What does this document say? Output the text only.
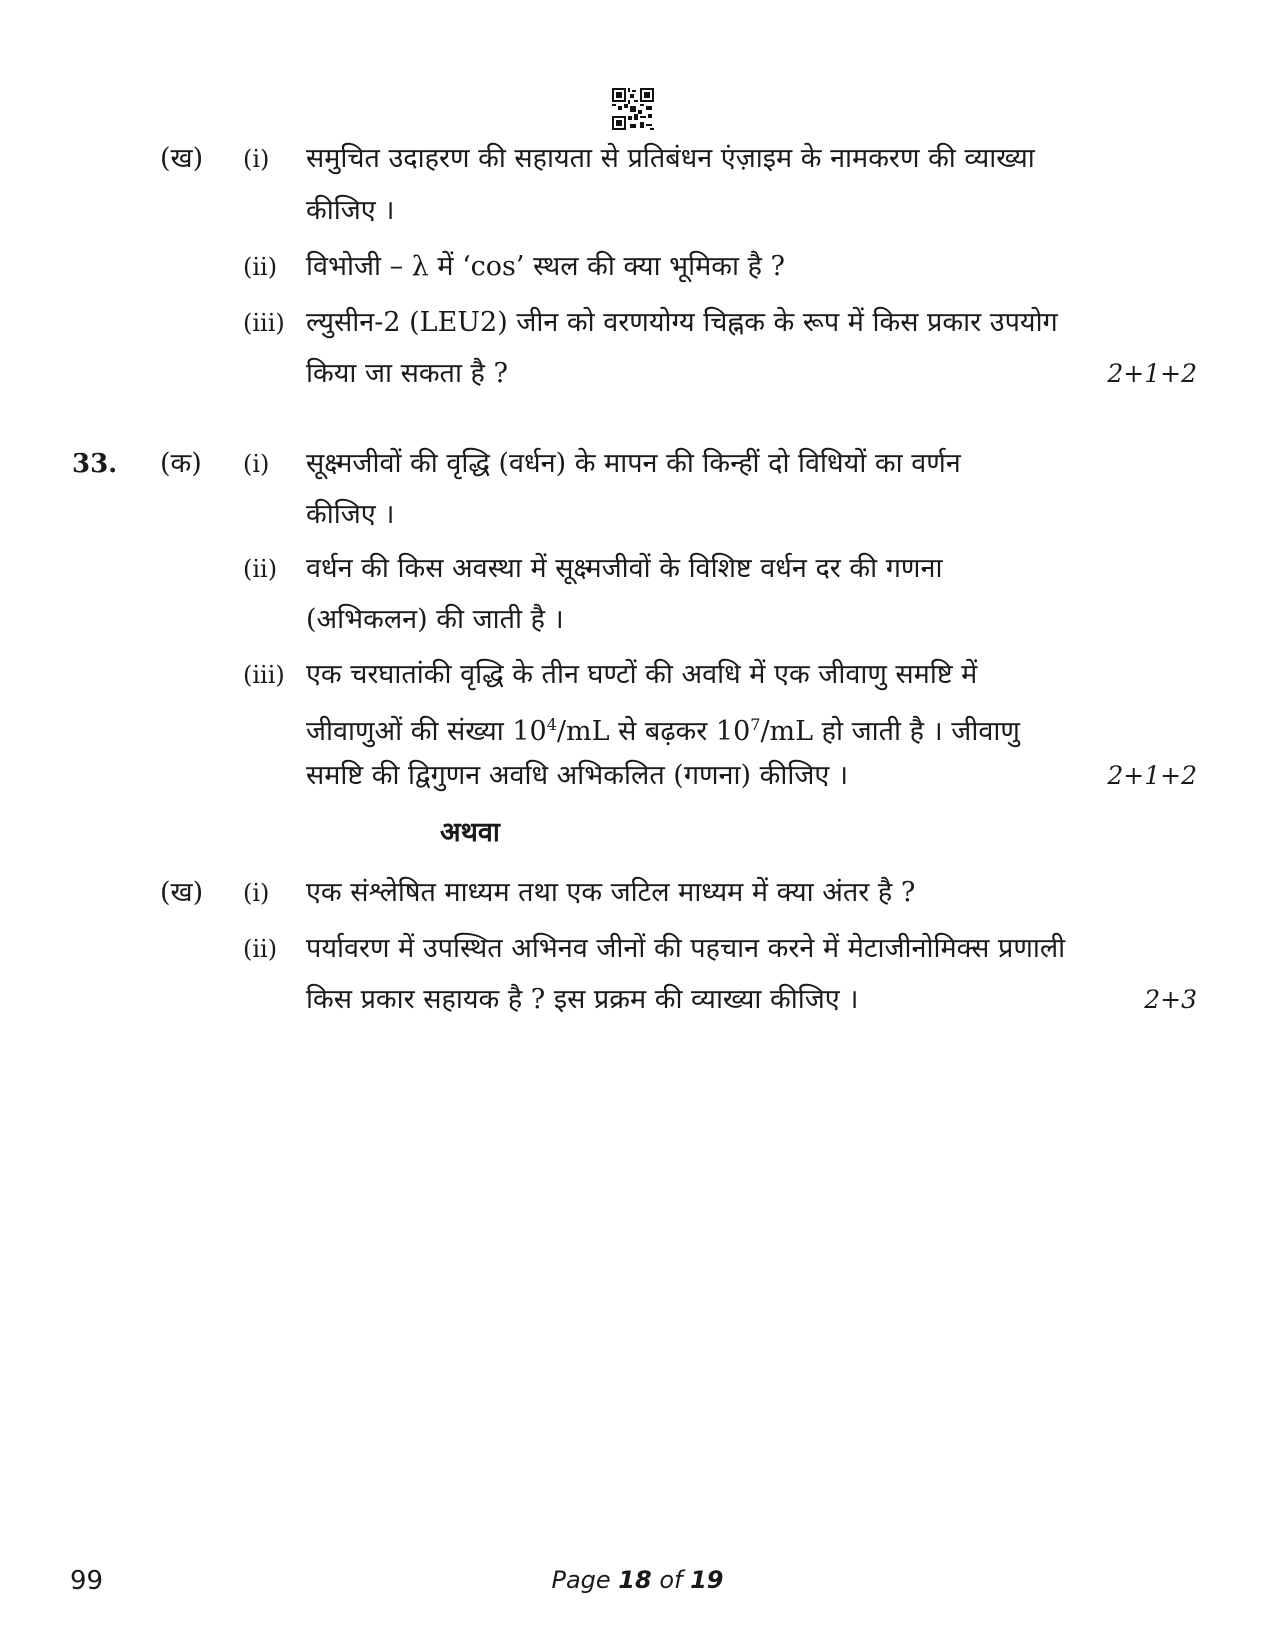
(ख) (i) समुचित उदाहरण की सहायता से प्रतिबंधन एंज़ाइम के नामकरण की व्याख्या
कीजिए ।
(ii) विभोजी – λ में ‘cos’ स्थल की क्या भूमिका है ?
(iii) ल्युसीन-2 (LEU2) जीन को वरणयोग्य चिह्नक के रूप में किस प्रकार उपयोग
किया जा सकता है ?	2+1+2
33. (क) (i) सूक्ष्मजीवों की वृद्धि (वर्धन) के मापन की किन्हीं दो विधियों का वर्णन
कीजिए ।
(ii) वर्धन की किस अवस्था में सूक्ष्मजीवों के विशिष्ट वर्धन दर की गणना
(अभिकलन) की जाती है ।
(iii) एक चरघातांकी वृद्धि के तीन घण्टों की अवधि में एक जीवाणु समष्टि में
जीवाणुओं की संख्या $10^4/mL$ से बढ़कर $10^7/mL$ हो जाती है । जीवाणु
समष्टि की द्विगुणन अवधि अभिकलित (गणना) कीजिए ।	2+1+2
अथवा
(ख) (i) एक संश्लेषित माध्यम तथा एक जटिल माध्यम में क्या अंतर है ?
(ii) पर्यावरण में उपस्थित अभिनव जीनों की पहचान करने में मेटाजीनोमिक्स प्रणाली
किस प्रकार सहायक है ? इस प्रक्रम की व्याख्या कीजिए ।	2+3
99	Page 18 of 19
